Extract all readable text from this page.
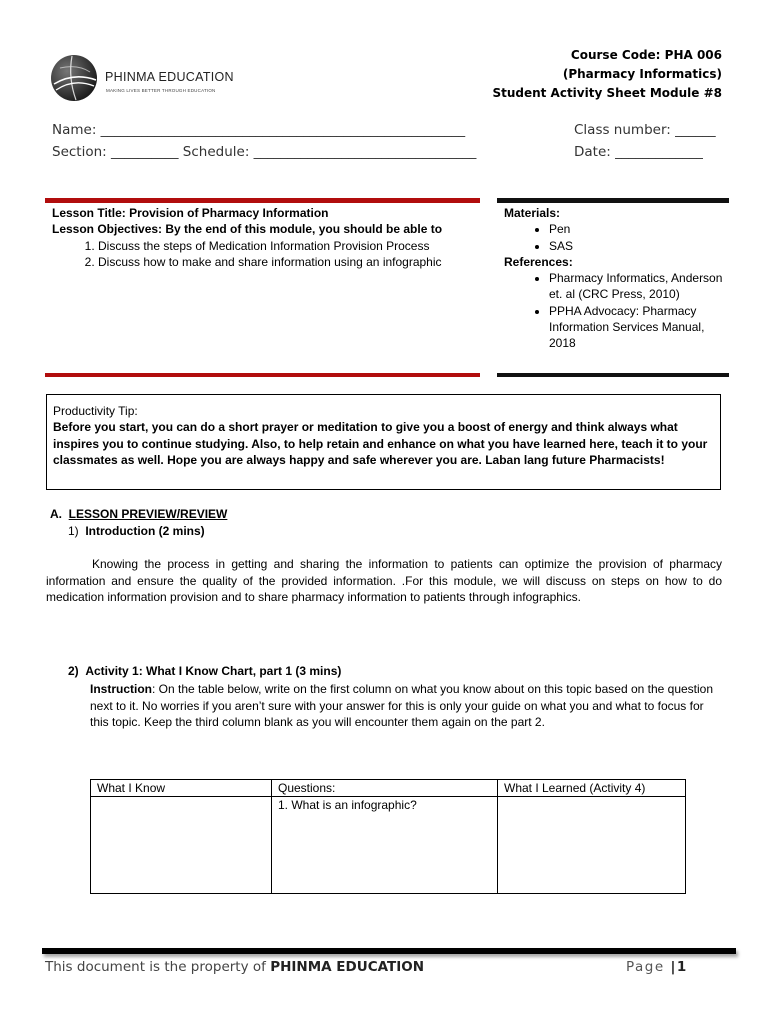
PHINMA EDUCATION
MAKING LIVES BETTER THROUGH EDUCATION
Course Code: PHA 006
(Pharmacy Informatics)
Student Activity Sheet Module #8
Name: ______________________________________________________	Class number: ______
Section: __________ Schedule: _________________________________	Date: _____________
Lesson Title: Provision of Pharmacy Information
Lesson Objectives: By the end of this module, you should be able to
1. Discuss the steps of Medication Information Provision Process
2. Discuss how to make and share information using an infographic
Materials:
• Pen
• SAS
References:
• Pharmacy Informatics, Anderson et. al (CRC Press, 2010)
• PPHA Advocacy: Pharmacy Information Services Manual, 2018
Productivity Tip:
Before you start, you can do a short prayer or meditation to give you a boost of energy and think always what inspires you to continue studying. Also, to help retain and enhance on what you have learned here, teach it to your classmates as well. Hope you are always happy and safe wherever you are. Laban lang future Pharmacists!
A. LESSON PREVIEW/REVIEW
1) Introduction (2 mins)
Knowing the process in getting and sharing the information to patients can optimize the provision of pharmacy information and ensure the quality of the provided information. .For this module, we will discuss on steps on how to do medication information provision and to share pharmacy information to patients through infographics.
2) Activity 1: What I Know Chart, part 1 (3 mins)
Instruction: On the table below, write on the first column on what you know about on this topic based on the question next to it. No worries if you aren’t sure with your answer for this is only your guide on what you and what to focus for this topic. Keep the third column blank as you will encounter them again on the part 2.
What I Know	Questions:	What I Learned (Activity 4)
	1. What is an infographic?	
This document is the property of PHINMA EDUCATION	Page |1
